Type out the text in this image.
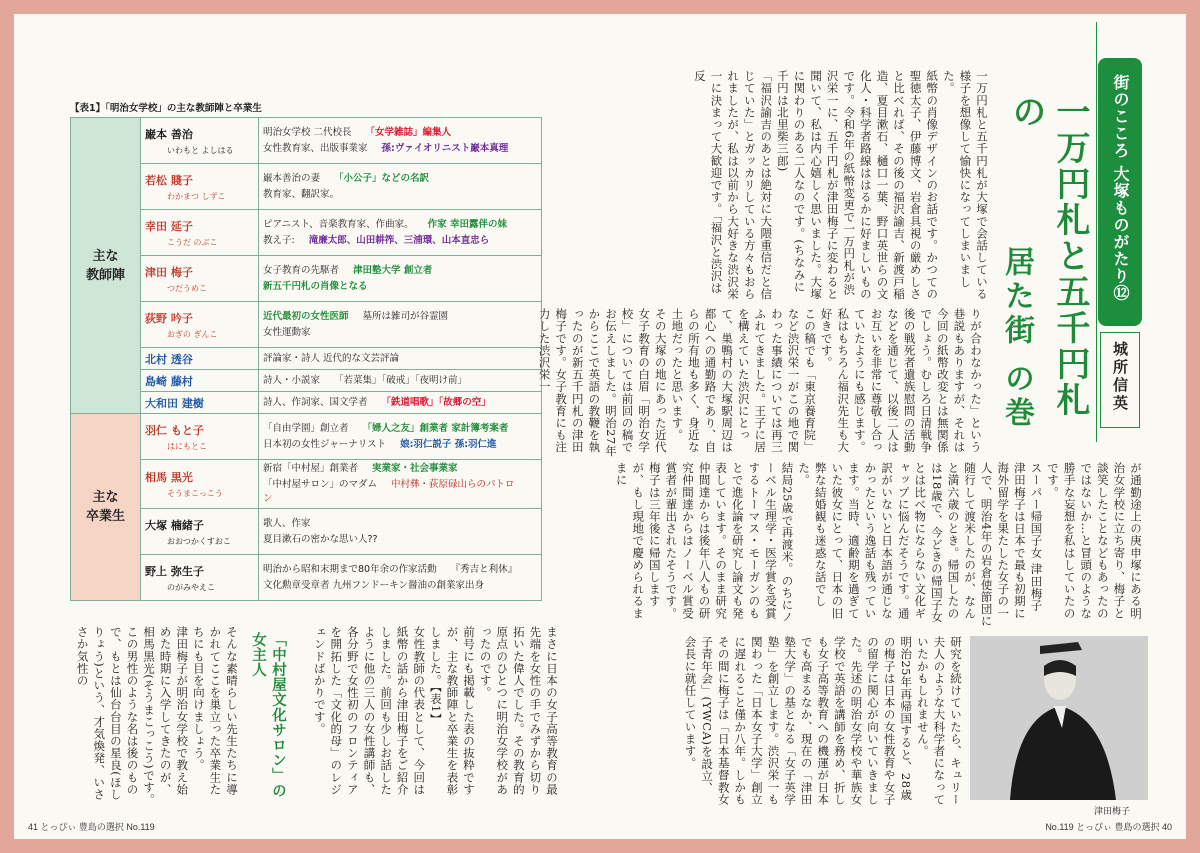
【表1】「明治女学校」の主な教師陣と卒業生
主な
教師陣	巌本 善治
いわもと よしはる	明治女学校 二代校長 「女学雑誌」編集人
女性教育家、出版事業家 孫:ヴァイオリニスト巌本真理

	若松 賤子
わかまつ しずこ	巌本善治の妻 「小公子」などの名訳
教育家、翻訳家。

	幸田 延子
こうだ のぶこ	ピアニスト、音楽教育家、作曲家。 作家 幸田露伴の妹
教え子: 滝廉太郎、山田耕筰、三浦環、山本直忠ら

	津田 梅子
つだうめこ	女子教育の先駆者 津田塾大学 創立者
新五千円札の肖像となる

	荻野 吟子
おぎの ぎんこ	近代最初の女性医師 墓所は雑司が谷霊園
女性運動家

	北村 透谷	評論家・詩人 近代的な文芸評論

	島崎 藤村	詩人・小説家 「若菜集」「破戒」「夜明け前」

	大和田 建樹	詩人、作詞家、国文学者 「鉄道唱歌」「故郷の空」

主な
卒業生	羽仁 もと子
はにもとこ	「自由学園」創立者 「婦人之友」創業者 家計簿考案者
日本初の女性ジャーナリスト 娘:羽仁説子 孫:羽仁進

	相馬 黒光
そうまこっこう	新宿「中村屋」創業者 実業家・社会事業家
「中村屋サロン」のマダム 中村彝・荻原碌山らのパトロン

	大塚 楠緒子
おおつかくすおこ	歌人、作家
夏目漱石の密かな思い人??

	野上 弥生子
のがみやえこ	明治から昭和末期まで80年余の作家活動 『秀吉と利休』
文化勲章受章者 九州フンドーキン醤油の創業家出身
まさに日本の女子高等教育の最先端を女性の手でみずから切り拓いた偉人でした。その教育的原点のひとつに明治女学校があったのです。
前号にも掲載した表の抜粋ですが、主な教師陣と卒業生を表彰しました。【表1】
女性教師の代表として、今回は紙幣の話から津田梅子をご紹介しました。前回も少しお話したように他の三人の女性講師も、各分野で女性初のフロンティアを開拓した「文化的母」のレジェンドばかりです。
「中村屋文化サロン」の女主人
そんな素晴らしい先生たちに導かれてここを巣立った卒業生たちにも目を向けましょう。
津田梅子が明治女学校で教え始めた時期に入学してきたのが、相馬黒光(そうまこっこう)です。この男性のような名は後のもので、もとは仙台台目の星良(ほし りょう)という、才気煥発、いささか気性の
41 とっぴぃ 豊島の選択 No.119
街のこころ 大塚ものがたり⑫
城所信英
一万円札と五千円札の
居た街 の巻
一万円札と五千円札が大塚で会話している様子を想像して愉快になってしまいました。
紙幣の肖像デザインのお話です。かつての聖徳太子、伊藤博文、岩倉具視の厳めしさと比べれば、その後の福沢諭吉、新渡戸稲造、夏目漱石、樋口一葉、野口英世らの文化人・科学者路線ははるかに好ましいものです。令和6年の紙幣変更で一万円札が渋沢栄一に、五千円札が津田梅子に変わると聞いて、私は内心嬉しく思いました。大塚に関わりのある二人なのです。(ちなみに千円は北里柴三郎)
「福沢諭吉のあとは絶対に大隈重信だと信じていた」とガッカリしている方々もおられましたが、私は以前から大好きな渋沢栄一に決まって大歓迎です。「福沢と渋沢は反
りが合わなかった」という巷説もありますが、それは今回の紙幣改変とは無関係でしょう。むしろ日清戦争後の戦死者遺族慰問の活動などを通じて、以後二人はお互いを非常に尊敬し合っていたようにも感じます。私はもちろん福沢先生も大好きです。
この稿でも「東京養育院」など渋沢栄一がこの地で関わった事績については再三ふれてきました。王子に居を構えていた渋沢にとって、巣鴨村の大塚駅周辺は都心への通勤路であり、自らの所有地も多く、身近な土地だったと思います。
その大塚の地にあった近代女子教育の白眉「明治女学校」については前回の稿でお伝えしました。明治27年からここで英語の教鞭を執ったのが新五千円札の津田梅子です。女子教育にも注力した渋沢栄一
が通勤途上の庚申塚にある明治女学校に立ち寄り、梅子と談笑したことなどもあったのではないか…と冒頭のような勝手な妄想を私はしていたのです。
スーパー帰国子女 津田梅子
津田梅子は日本で最も初期に海外留学を果たした女子の一人で、明治4年の岩倉使節団に随行して渡米したのが、なんと満六歳のとき。帰国したのは18歳で、今どきの帰国子女とは比べ物にならない文化ギャップに悩んだそうです。通訳がいないと日本語が通じなかったという逸話も残っています。当時、適齢期を過ぎていた彼女にとって、日本の旧弊な結婚観も迷惑な話でした。
結局25歳で再渡米。のちにノーベル生理学・医学賞を受賞するトーマス・モーガンのもとで進化論を研究し論文も発表しています。そのまま研究仲間達からは後年八人もの研究仲間達からはノーベル賞受賞者が輩出されたそうです。梅子は三年後に帰国しますが、もし現地で慶められるままに
研究を続けていたら、キュリー夫人のような大科学者になっていたかもしれません。
明治25年再帰国すると、28歳の梅子は日本の女性教育や女子の留学に関心が向いていきました。先述の明治女学校や華族女学校で英語を講師を務め、折しも女子高等教育への機運が日本でも高まるなか、現在の「津田塾大学」の基となる「女子英学塾」を創立します。渋沢栄一も関わった「日本女子大学」創立に遅れること僅か八年。しかもその間に梅子は「日本基督教女子青年会」(YWCA)を設立、会長に就任しています。
津田梅子
No.119 とっぴぃ 豊島の選択 40
